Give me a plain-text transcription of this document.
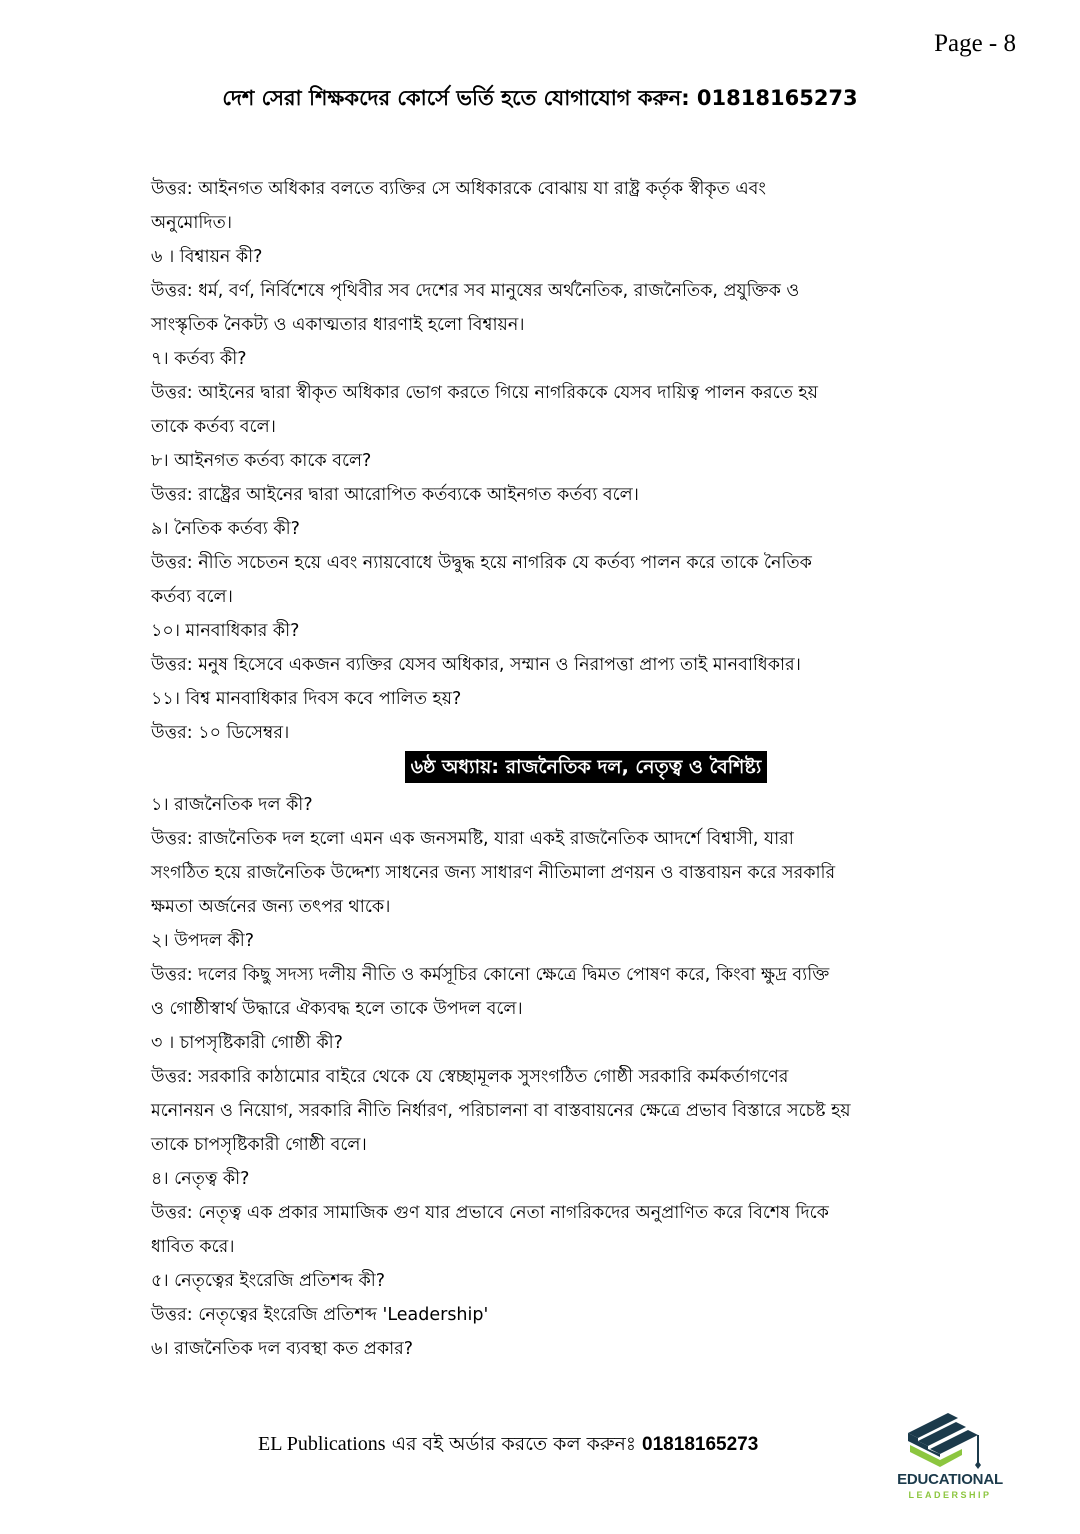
Page - 8
দেশ সেরা শিক্ষকদের কোর্সে ভর্তি হতে যোগাযোগ করুন: 01818165273
উত্তর: আইনগত অধিকার বলতে ব্যক্তির সে অধিকারকে বোঝায় যা রাষ্ট্র কর্তৃক স্বীকৃত এবং
অনুমোদিত।
৬ । বিশ্বায়ন কী?
উত্তর: ধর্ম, বর্ণ, নির্বিশেষে পৃথিবীর সব দেশের সব মানুষের অর্থনৈতিক, রাজনৈতিক, প্রযুক্তিক ও
সাংস্কৃতিক নৈকট্য ও একাত্মতার ধারণাই হলো বিশ্বায়ন।
৭। কর্তব্য কী?
উত্তর: আইনের দ্বারা স্বীকৃত অধিকার ভোগ করতে গিয়ে নাগরিককে যেসব দায়িত্ব পালন করতে হয়
তাকে কর্তব্য বলে।
৮। আইনগত কর্তব্য কাকে বলে?
উত্তর: রাষ্ট্রের আইনের দ্বারা আরোপিত কর্তব্যকে আইনগত কর্তব্য বলে।
৯। নৈতিক কর্তব্য কী?
উত্তর: নীতি সচেতন হয়ে এবং ন্যায়বোধে উদ্বুদ্ধ হয়ে নাগরিক যে কর্তব্য পালন করে তাকে নৈতিক
কর্তব্য বলে।
১০। মানবাধিকার কী?
উত্তর: মনুষ হিসেবে একজন ব্যক্তির যেসব অধিকার, সম্মান ও নিরাপত্তা প্রাপ্য তাই মানবাধিকার।
১১। বিশ্ব মানবাধিকার দিবস কবে পালিত হয়?
উত্তর: ১০ ডিসেম্বর।
৬ষ্ঠ অধ্যায়: রাজনৈতিক দল, নেতৃত্ব ও বৈশিষ্ট্য
১। রাজনৈতিক দল কী?
উত্তর: রাজনৈতিক দল হলো এমন এক জনসমষ্টি, যারা একই রাজনৈতিক আদর্শে বিশ্বাসী, যারা
সংগঠিত হয়ে রাজনৈতিক উদ্দেশ্য সাধনের জন্য সাধারণ নীতিমালা প্রণয়ন ও বাস্তবায়ন করে সরকারি
ক্ষমতা অর্জনের জন্য তৎপর থাকে।
২। উপদল কী?
উত্তর: দলের কিছু সদস্য দলীয় নীতি ও কর্মসূচির কোনো ক্ষেত্রে দ্বিমত পোষণ করে, কিংবা ক্ষুদ্র ব্যক্তি
ও গোষ্ঠীস্বার্থ উদ্ধারে ঐক্যবদ্ধ হলে তাকে উপদল বলে।
৩ । চাপসৃষ্টিকারী গোষ্ঠী কী?
উত্তর: সরকারি কাঠামোর বাইরে থেকে যে স্বেচ্ছামূলক সুসংগঠিত গোষ্ঠী সরকারি কর্মকর্তাগণের
মনোনয়ন ও নিয়োগ, সরকারি নীতি নির্ধারণ, পরিচালনা বা বাস্তবায়নের ক্ষেত্রে প্রভাব বিস্তারে সচেষ্ট হয়
তাকে চাপসৃষ্টিকারী গোষ্ঠী বলে।
৪। নেতৃত্ব কী?
উত্তর: নেতৃত্ব এক প্রকার সামাজিক গুণ যার প্রভাবে নেতা নাগরিকদের অনুপ্রাণিত করে বিশেষ দিকে
ধাবিত করে।
৫। নেতৃত্বের ইংরেজি প্রতিশব্দ কী?
উত্তর: নেতৃত্বের ইংরেজি প্রতিশব্দ 'Leadership'
৬। রাজনৈতিক দল ব্যবস্থা কত প্রকার?
EL Publications এর বই অর্ডার করতে কল করুনঃ 01818165273
EDUCATIONAL
LEADERSHIP
